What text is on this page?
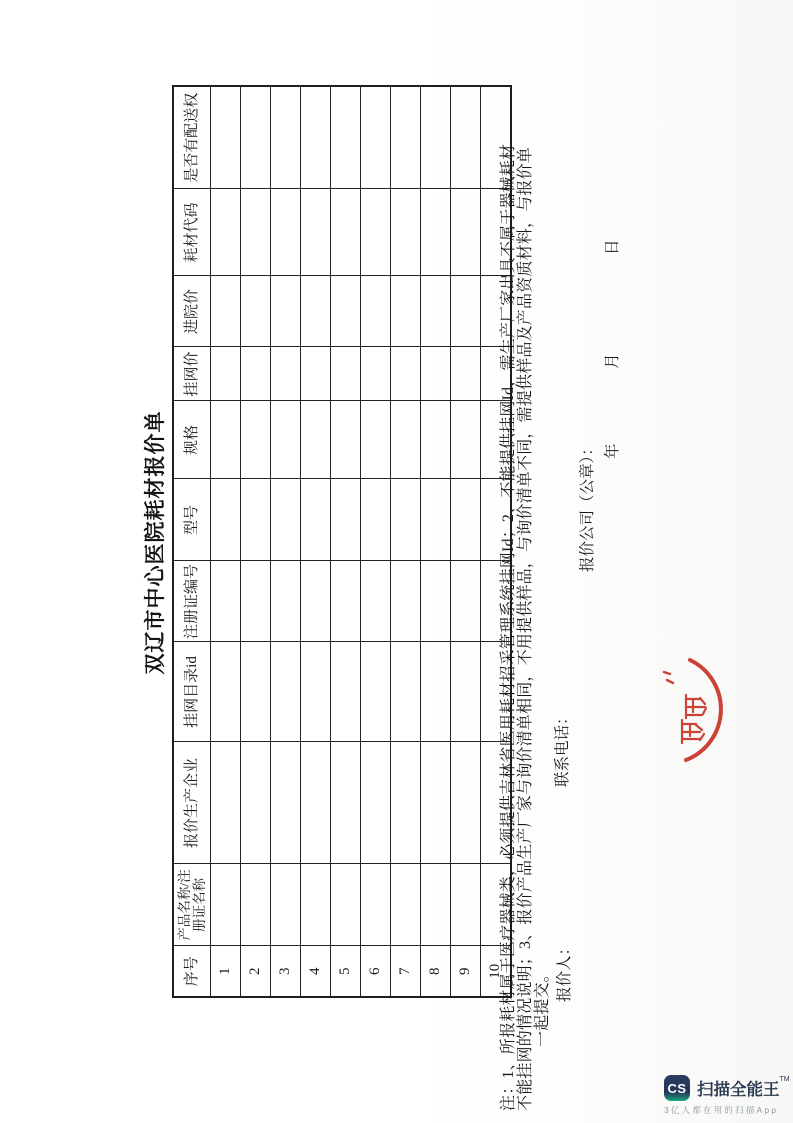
双辽市中心医院耗材报价单
序号	产品名称/注册证名称	报价生产企业	挂网目录id	注册证编号	型号	规格	挂网价	进院价	耗材代码	是否有配送权
1										
2										
3										
4										
5										
6										
7										
8										
9										
10										
注：1、所报耗材属于医疗器械类，必须提供吉林省医用耗材招采管理系统挂网Id；2、不能提供挂网Id，需生产厂家出具不属于器械耗材 不能挂网的情况说明；3、报价产品生产厂家与询价清单相同，不用提供样品，与询价清单不同，需提供样品及产品资质材料，与报价单 一起提交。 报价人：
联系电话：
报价公司（公章）： 年
月
日
CS 扫描全能王™
3亿人都在用的扫描App
